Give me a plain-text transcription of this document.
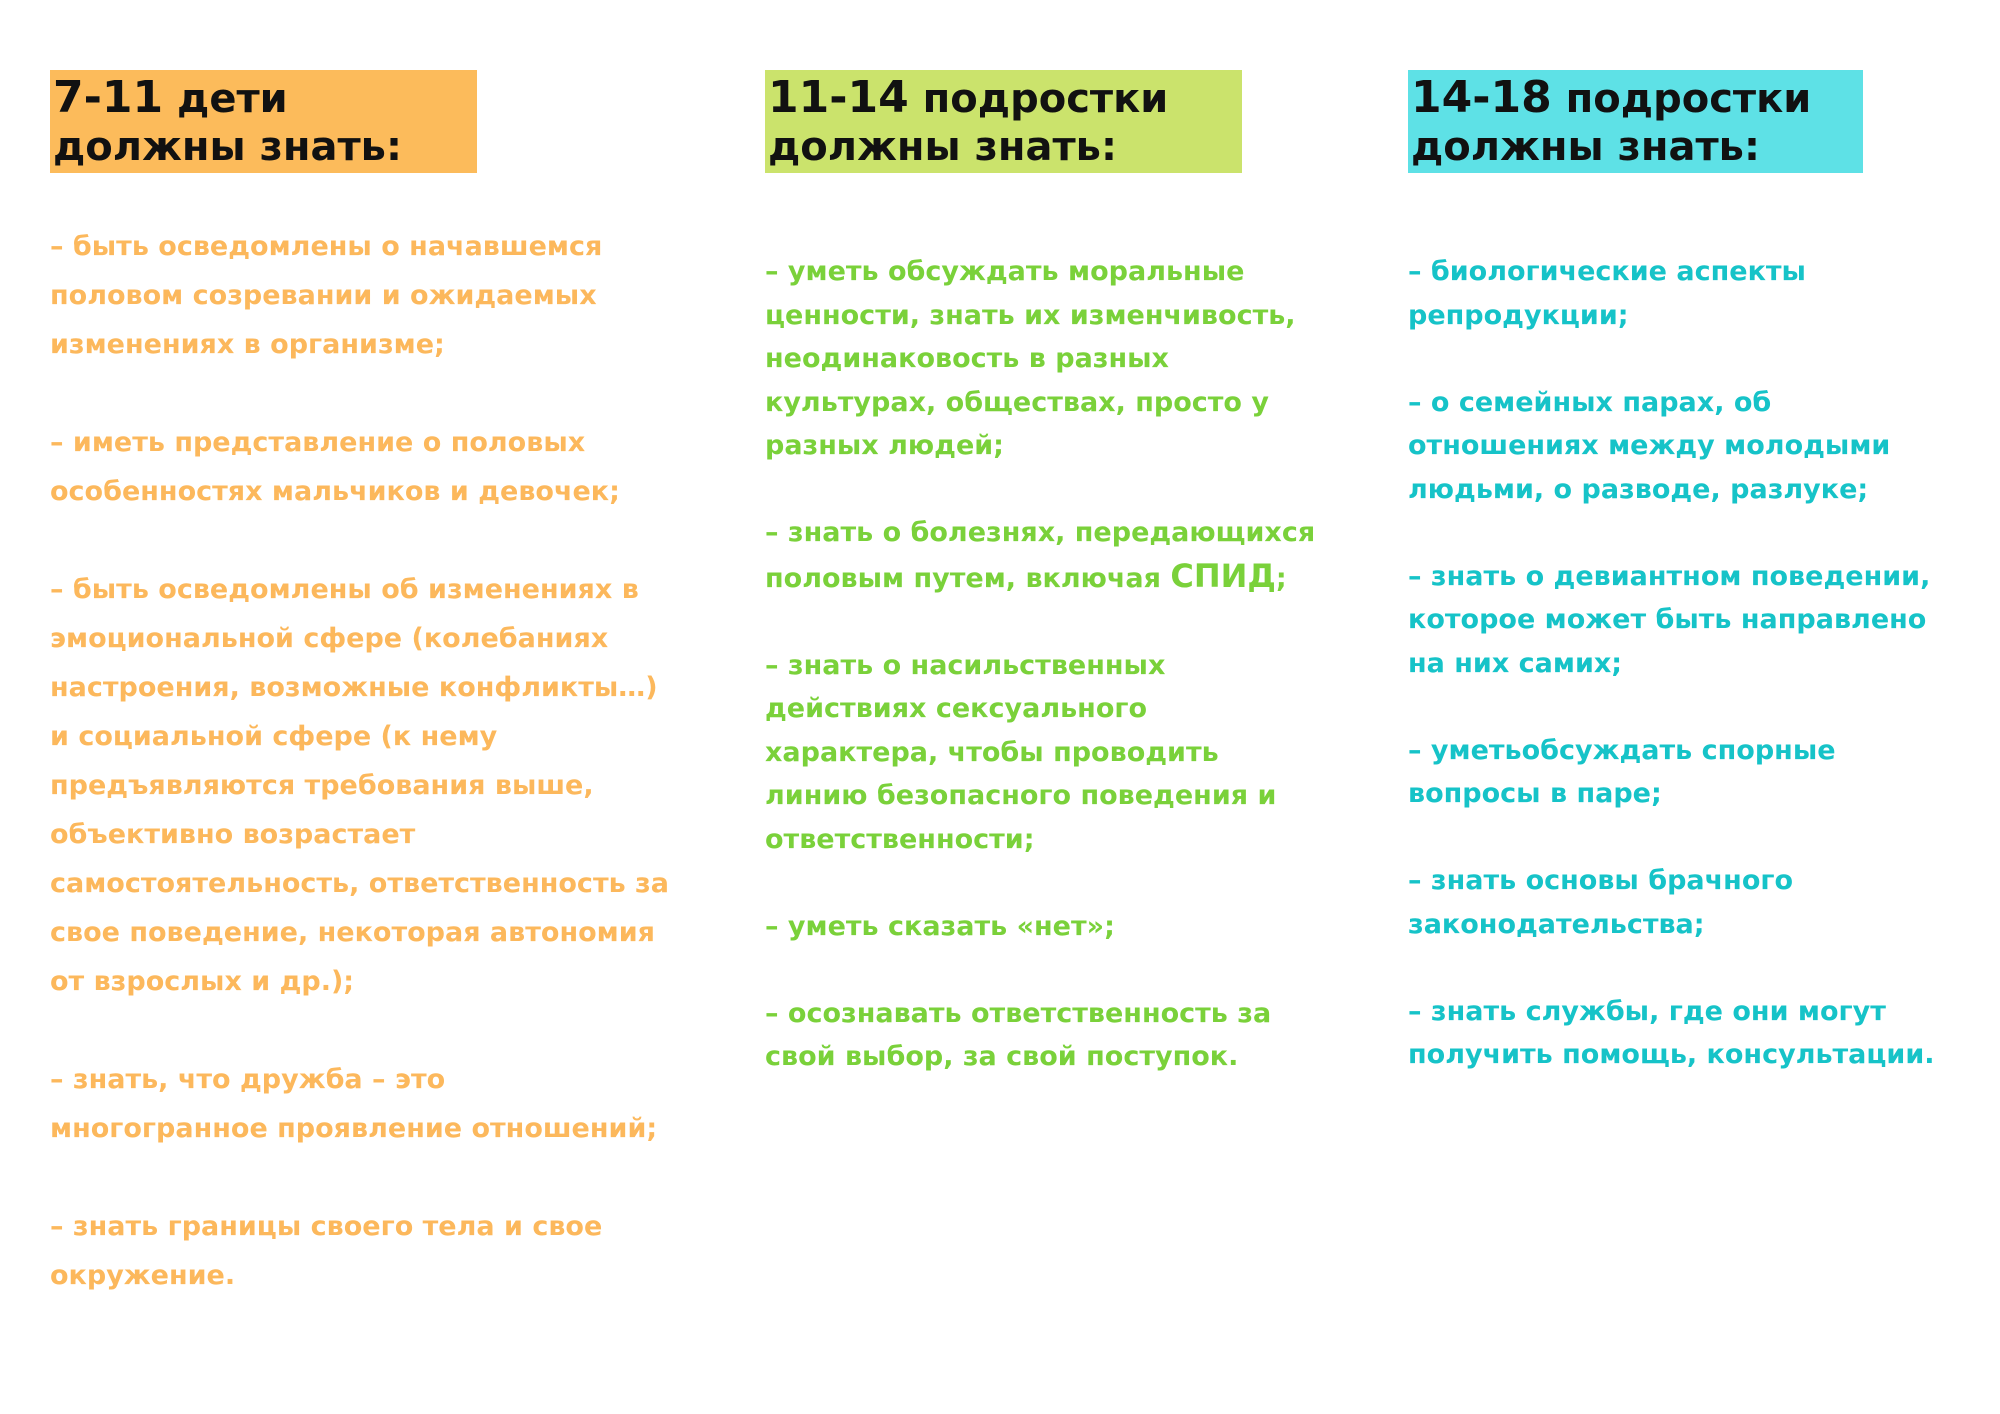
7-11 дети
должны знать:

– быть осведомлены о начавшемся половом созревании и ожидаемых изменениях в организме;

– иметь представление о половых особенностях мальчиков и девочек;

– быть осведомлены об изменениях в эмоциональной сфере (колебаниях настроения, возможные конфликты…) и социальной сфере (к нему предъявляются требования выше, объективно возрастает самостоятельность, ответственность за свое поведение, некоторая автономия от взрослых и др.);

– знать, что дружба – это многогранное проявление отношений;

– знать границы своего тела и свое окружение.

11-14 подростки
должны знать:

– уметь обсуждать моральные ценности, знать их изменчивость, неодинаковость в разных культурах, обществах, просто у разных людей;

– знать о болезнях, передающихся половым путем, включая СПИД;

– знать о насильственных действиях сексуального характера, чтобы проводить линию безопасного поведения и ответственности;

– уметь сказать «нет»;

– осознавать ответственность за свой выбор, за свой поступок.

14-18 подростки
должны знать:

– биологические аспекты репродукции;

– о семейных парах, об отношениях между молодыми людьми, о разводе, разлуке;

– знать о девиантном поведении, которое может быть направлено на них самих;

– уметьобсуждать спорные вопросы в паре;

– знать основы брачного законодательства;

– знать службы, где они могут получить помощь, консультации.
